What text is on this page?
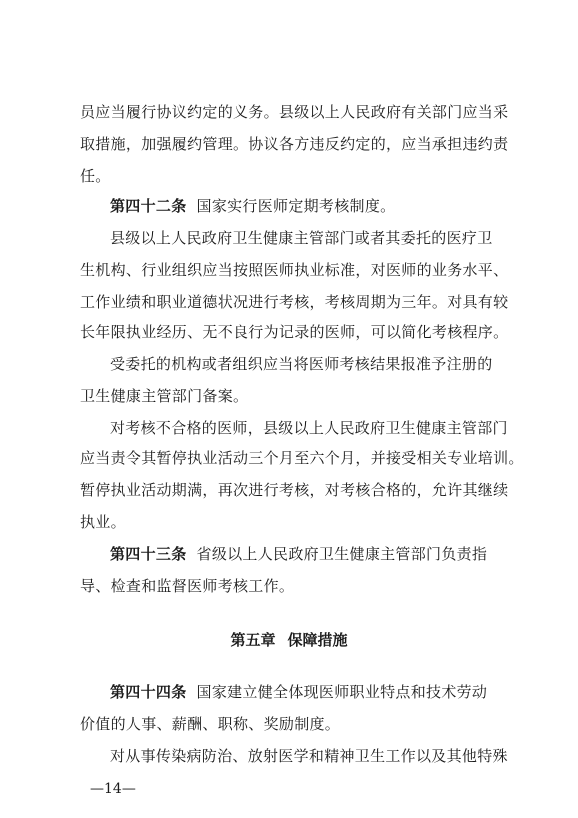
员应当履行协议约定的义务。县级以上人民政府有关部门应当采
取措施，加强履约管理。协议各方违反约定的，应当承担违约责
任。
第四十二条 国家实行医师定期考核制度。
县级以上人民政府卫生健康主管部门或者其委托的医疗卫
生机构、行业组织应当按照医师执业标准，对医师的业务水平、
工作业绩和职业道德状况进行考核，考核周期为三年。对具有较
长年限执业经历、无不良行为记录的医师，可以简化考核程序。
受委托的机构或者组织应当将医师考核结果报准予注册的
卫生健康主管部门备案。
对考核不合格的医师，县级以上人民政府卫生健康主管部门
应当责令其暂停执业活动三个月至六个月，并接受相关专业培训。
暂停执业活动期满，再次进行考核，对考核合格的，允许其继续
执业。
第四十三条 省级以上人民政府卫生健康主管部门负责指
导、检查和监督医师考核工作。
第五章 保障措施
第四十四条 国家建立健全体现医师职业特点和技术劳动
价值的人事、薪酬、职称、奖励制度。
对从事传染病防治、放射医学和精神卫生工作以及其他特殊
—14—
